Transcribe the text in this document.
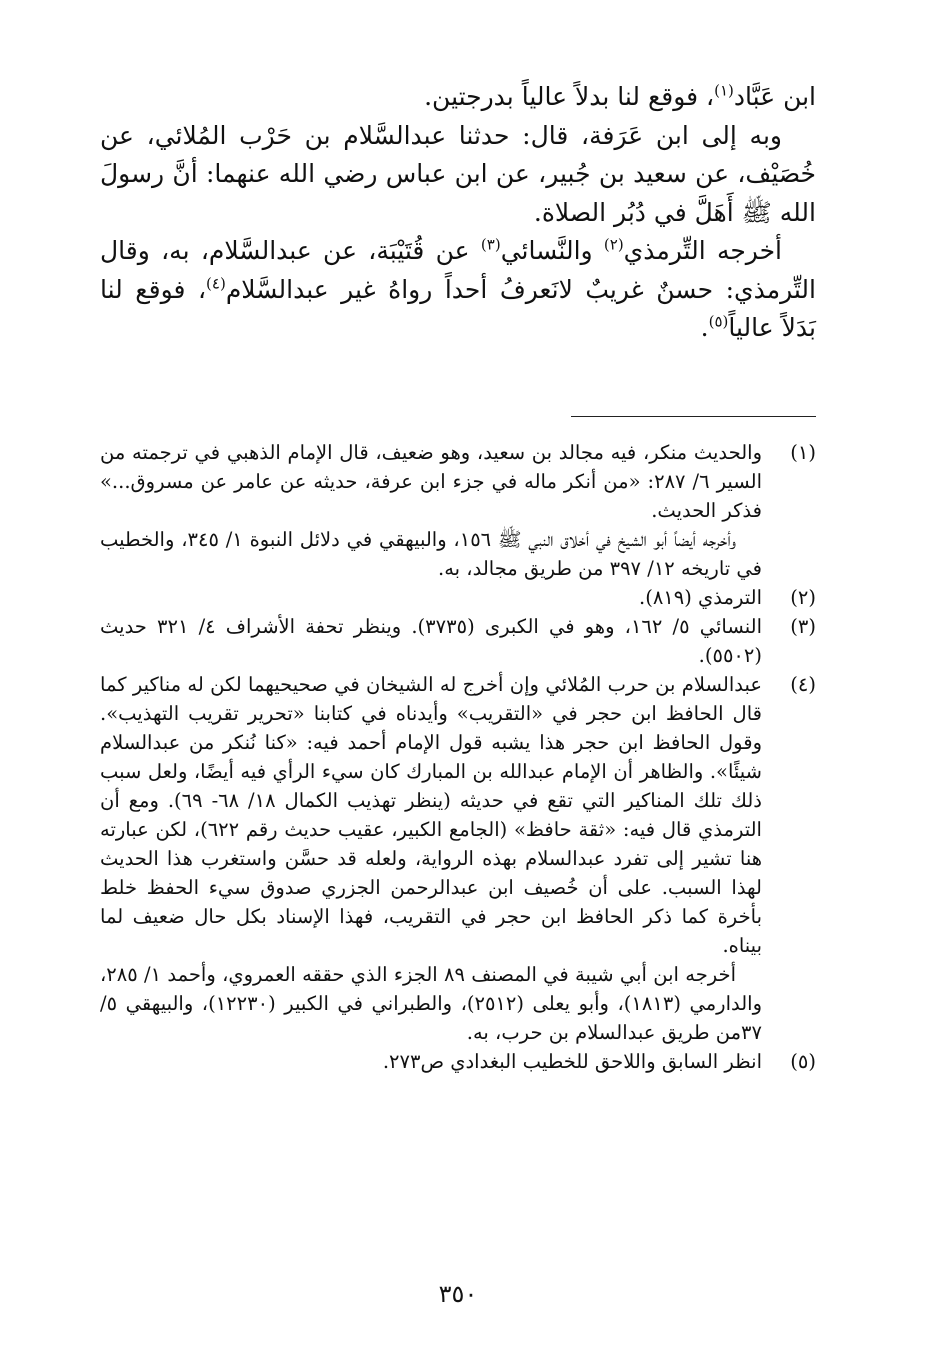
ابن عَبَّاد$^{(١)}$، فوقع لنا بدلاً عالياً بدرجتين.

وبه إلى ابن عَرَفة، قال: حدثنا عبدالسَّلام بن حَرْب المُلائي، عن خُصَيْف، عن سعيد بن جُبير، عن ابن عباس رضي الله عنهما: أنَّ رسولَ الله ﷺ أَهَلَّ في دُبُر الصلاة.

أخرجه التِّرمذي$^{(٢)}$ والنَّسائي$^{(٣)}$ عن قُتَيْبَة، عن عبدالسَّلام، به، وقال التِّرمذي: حسنٌ غريبٌ لانَعرفُ أحداً رواهُ غير عبدالسَّلام$^{(٤)}$، فوقع لنا بَدَلاً عالياً$^{(٥)}$.

(١)

والحديث منكر، فيه مجالد بن سعيد، وهو ضعيف، قال الإمام الذهبي في ترجمته من السير ٦/ ٢٨٧: «من أنكر ماله في جزء ابن عرفة، حديثه عن عامر عن مسروق...» فذكر الحديث.

وأخرجه أيضاً أبو الشيخ في أخلاق النبي ﷺ ١٥٦، والبيهقي في دلائل النبوة ١/ ٣٤٥، والخطيب في تاريخه ١٢/ ٣٩٧ من طريق مجالد، به.

(٢)

الترمذي (٨١٩).

(٣)

النسائي ٥/ ١٦٢، وهو في الكبرى (٣٧٣٥). وينظر تحفة الأشراف ٤/ ٣٢١ حديث (٥٥٠٢).

(٤)

عبدالسلام بن حرب المُلائي وإن أخرج له الشيخان في صحيحيهما لكن له مناكير كما قال الحافظ ابن حجر في «التقريب» وأيدناه في كتابنا «تحرير تقريب التهذيب». وقول الحافظ ابن حجر هذا يشبه قول الإمام أحمد فيه: «كنا نُنكر من عبدالسلام شيئًا». والظاهر أن الإمام عبدالله بن المبارك كان سيء الرأي فيه أيضًا، ولعل سبب ذلك تلك المناكير التي تقع في حديثه (ينظر تهذيب الكمال ١٨/ ٦٨- ٦٩). ومع أن الترمذي قال فيه: «ثقة حافظ» (الجامع الكبير، عقيب حديث رقم ٦٢٢)، لكن عبارته هنا تشير إلى تفرد عبدالسلام بهذه الرواية، ولعله قد حسَّن واستغرب هذا الحديث لهذا السبب. على أن خُصيف ابن عبدالرحمن الجزري صدوق سيء الحفظ خلط بأخرة كما ذكر الحافظ ابن حجر في التقريب، فهذا الإسناد بكل حال ضعيف لما بيناه.

أخرجه ابن أبي شيبة في المصنف ٨٩ الجزء الذي حققه العمروي، وأحمد ١/ ٢٨٥، والدارمي (١٨١٣)، وأبو يعلى (٢٥١٢)، والطبراني في الكبير (١٢٢٣٠)، والبيهقي ٥/ ٣٧من طريق عبدالسلام بن حرب، به.

(٥)

انظر السابق واللاحق للخطيب البغدادي ص٢٧٣.

٣٥٠
